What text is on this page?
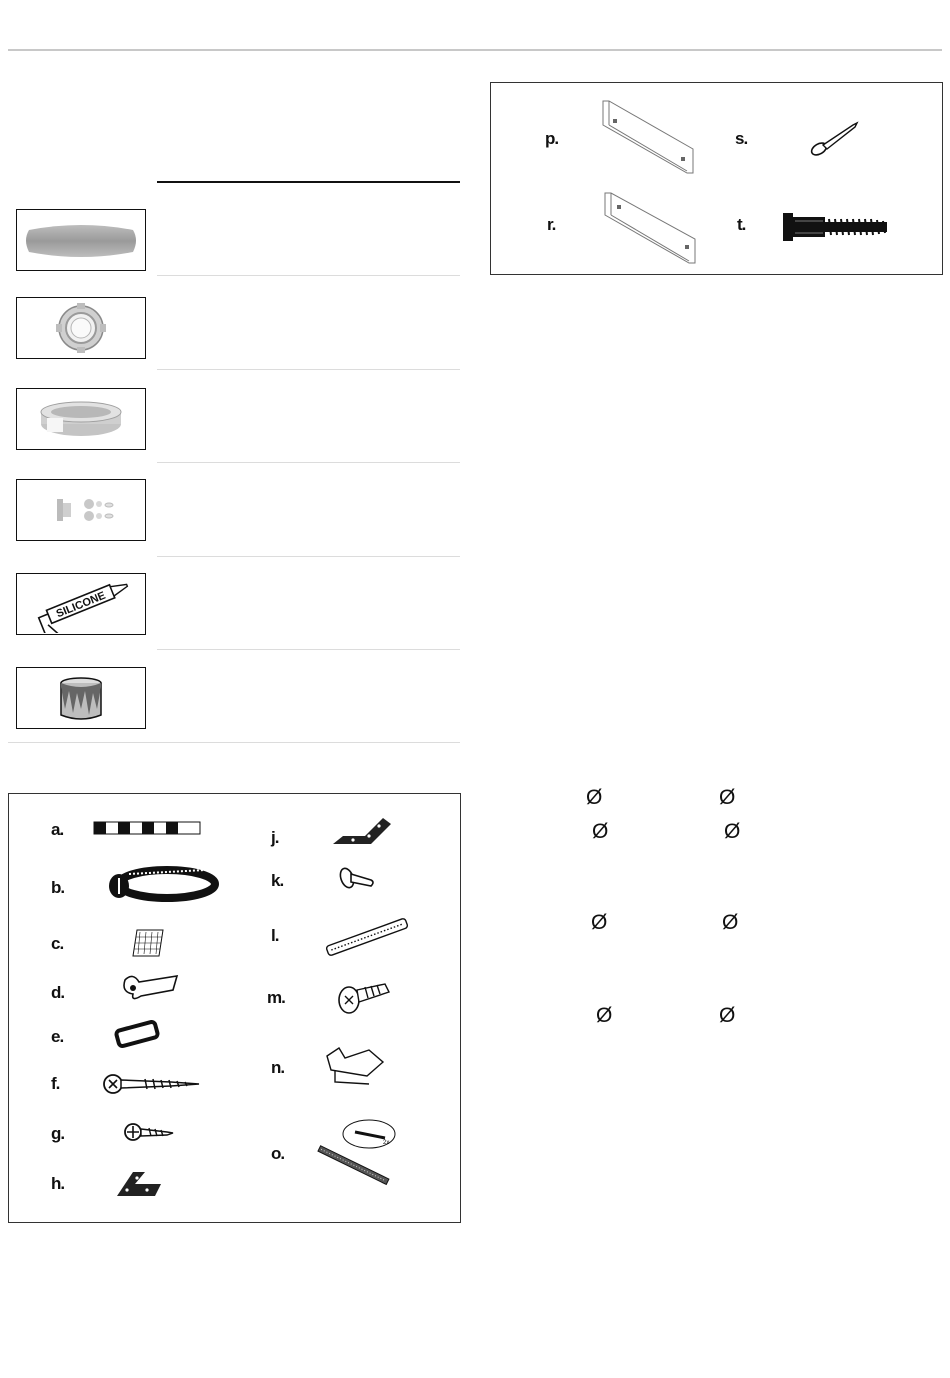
SILICONE
a.
b.
c.
d.
e.
f.
g.
h.
j.
k.
l.
m.
n.
o.
2x
p.	s.
r.	t.
Ø	Ø
Ø	Ø
Ø	Ø
Ø	Ø
